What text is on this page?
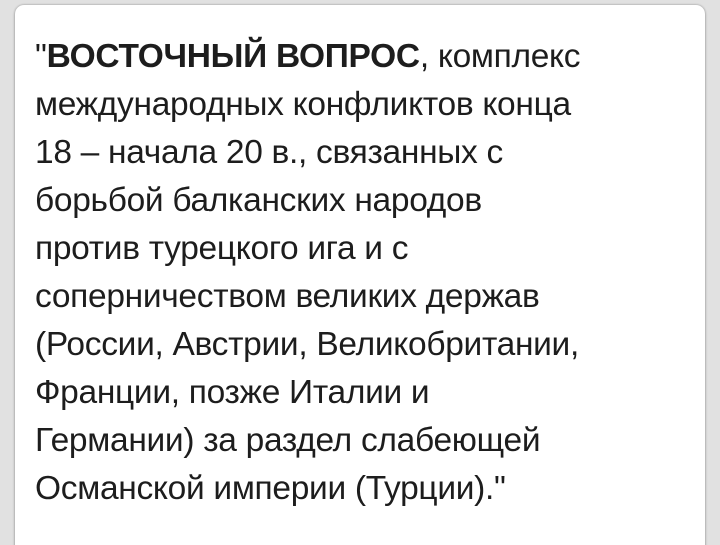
"ВОСТОЧНЫЙ ВОПРОС, комплекс
международных конфликтов конца
18 – начала 20 в., связанных с
борьбой балканских народов
против турецкого ига и с
соперничеством великих держав
(России, Австрии, Великобритании,
Франции, позже Италии и
Германии) за раздел слабеющей
Османской империи (Турции)."
